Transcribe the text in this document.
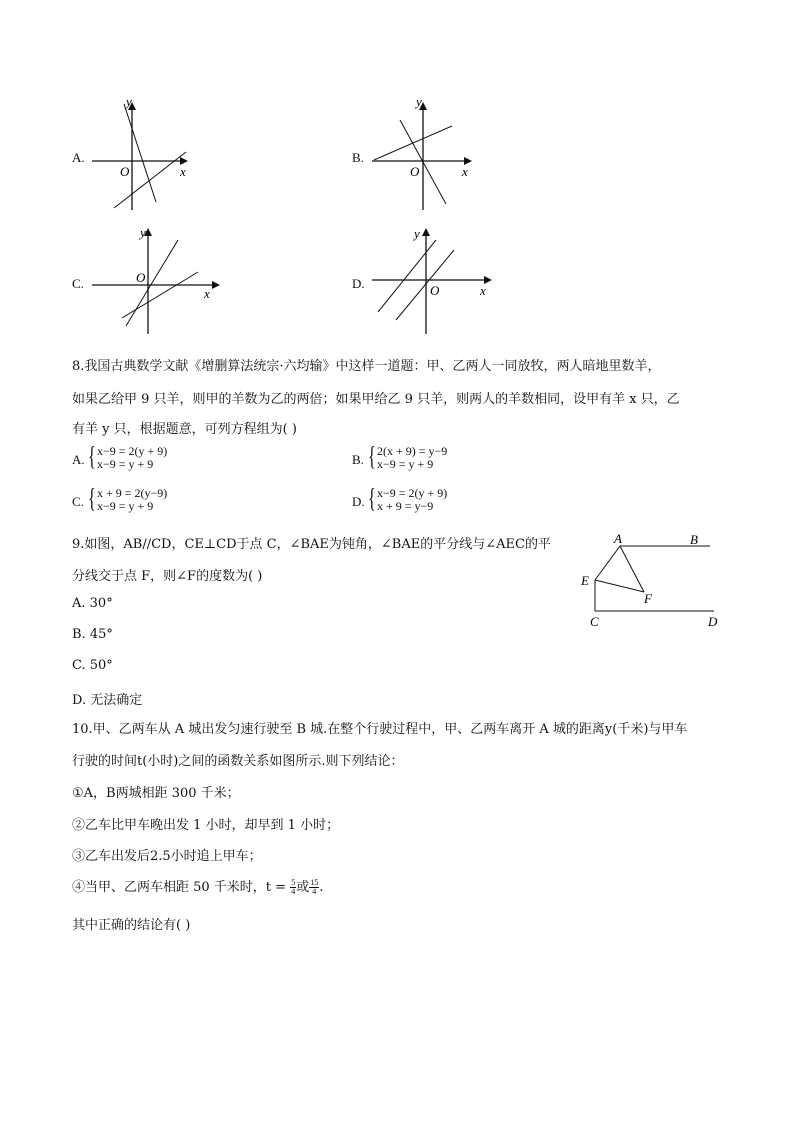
A.
y
x
O
B.
y
x
O
C.
y
x
O	D.
y
x
O
8.我国古典数学文献《增删算法统宗·六均输》中这样一道题：甲、乙两人一同放牧，两人暗地里数羊，
如果乙给甲 9 只羊，则甲的羊数为乙的两倍；如果甲给乙 9 只羊，则两人的羊数相同，设甲有羊 x 只，乙
有羊 y 只，根据题意，可列方程组为( )
A. { x−9 = 2(y + 9)
x−9 = y + 9	B. { 2(x + 9) = y−9
x−9 = y + 9
C. { x + 9 = 2(y−9)
x−9 = y + 9	D. { x−9 = 2(y + 9)
x + 9 = y−9
9.如图，AB//CD，CE⊥CD于点 C，∠BAE为钝角，∠BAE的平分线与∠AEC的平
分线交于点 F，则∠F的度数为( )
A. 30°
B. 45°
C. 50°
D. 无法确定
A	B
C	D
E
F
10.甲、乙两车从 A 城出发匀速行驶至 B 城.在整个行驶过程中，甲、乙两车离开 A 城的距离y(千米)与甲车
行驶的时间t(小时)之间的函数关系如图所示.则下列结论：
①A，B两城相距 300 千米；
②乙车比甲车晚出发 1 小时，却早到 1 小时；
③乙车出发后2.5小时追上甲车；
④当甲、乙两车相距 50 千米时，$t = \frac{5}{4}$ 或 $\frac{15}{4}$ .
其中正确的结论有( )
